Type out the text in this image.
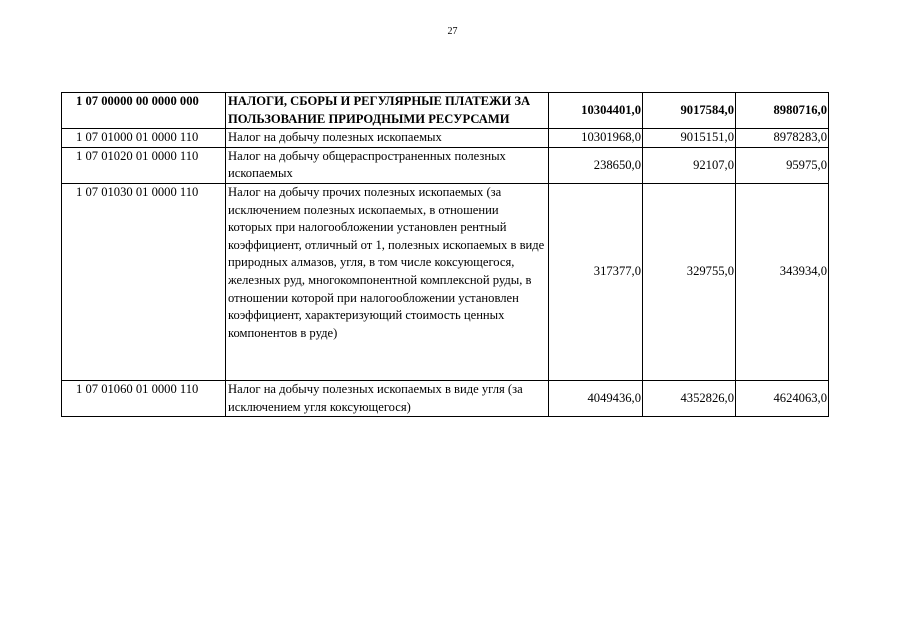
27
1 07 00000 00 0000 000	НАЛОГИ, СБОРЫ И РЕГУЛЯРНЫЕ ПЛАТЕЖИ ЗА ПОЛЬЗОВАНИЕ ПРИРОДНЫМИ РЕСУРСАМИ	10304401,0	9017584,0	8980716,0
1 07 01000 01 0000 110	Налог на добычу полезных ископаемых	10301968,0	9015151,0	8978283,0
1 07 01020 01 0000 110	Налог на добычу общераспространенных полезных ископаемых	238650,0	92107,0	95975,0
1 07 01030 01 0000 110	Налог на добычу прочих полезных ископаемых (за исключением полезных ископаемых, в отношении которых при налогообложении установлен рентный коэффициент, отличный от 1, полезных ископаемых в виде природных алмазов, угля, в том числе коксующегося, железных руд, многокомпонентной комплексной руды, в отношении которой при налогообложении установлен коэффициент, характеризующий стоимость ценных компонентов в руде)	317377,0	329755,0	343934,0
1 07 01060 01 0000 110	Налог на добычу полезных ископаемых в виде угля (за исключением угля коксующегося)	4049436,0	4352826,0	4624063,0
